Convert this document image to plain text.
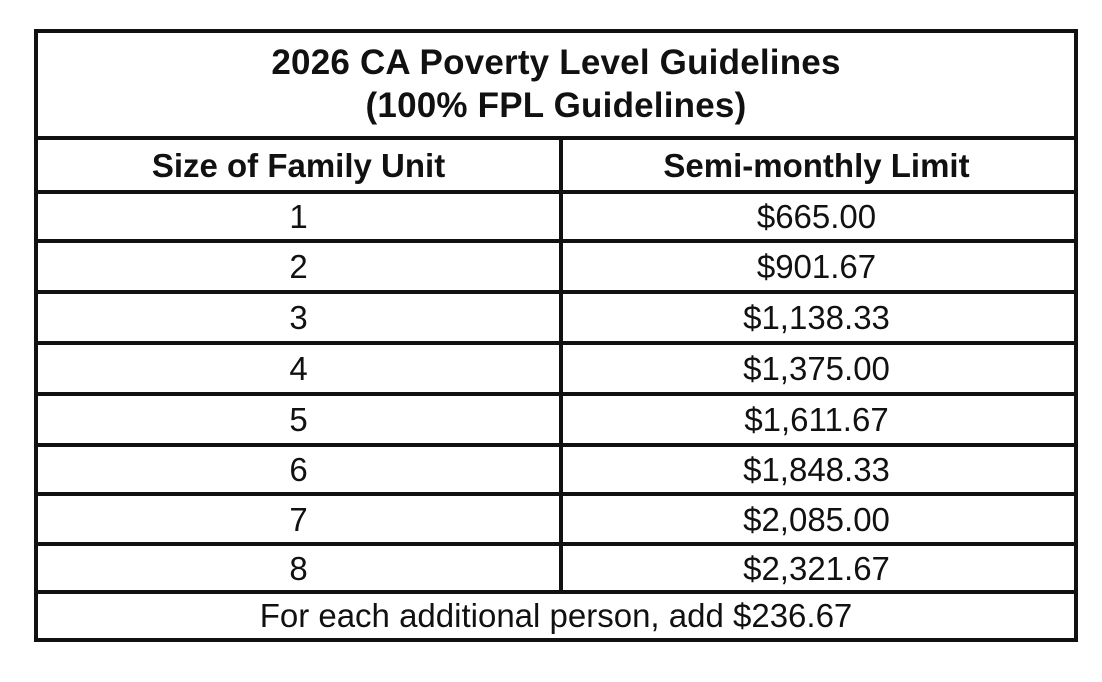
2026 CA Poverty Level Guidelines
(100% FPL Guidelines)
Size of Family Unit	Semi-monthly Limit
1	$665.00
2	$901.67
3	$1,138.33
4	$1,375.00
5	$1,611.67
6	$1,848.33
7	$2,085.00
8	$2,321.67
For each additional person, add $236.67
